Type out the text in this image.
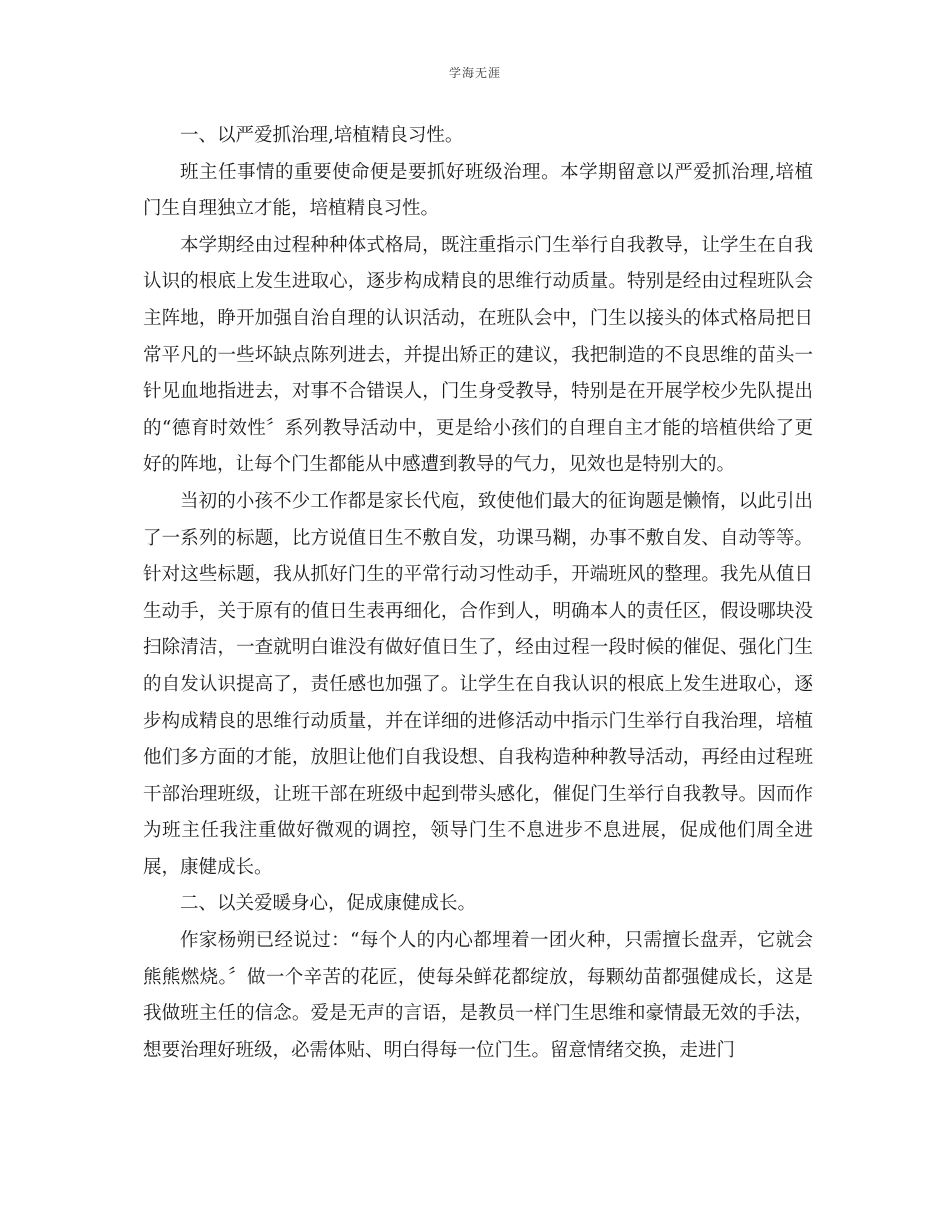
学海无涯

一、以严爱抓治理,培植精良习性。

班主任事情的重要使命便是要抓好班级治理。本学期留意以严爱抓治理,培植门生自理独立才能，培植精良习性。

本学期经由过程种种体式格局，既注重指示门生举行自我教导，让学生在自我认识的根底上发生进取心，逐步构成精良的思维行动质量。特别是经由过程班队会主阵地，睁开加强自治自理的认识活动，在班队会中，门生以接头的体式格局把日常平凡的一些坏缺点陈列进去，并提出矫正的建议，我把制造的不良思维的苗头一针见血地指进去，对事不合错误人，门生身受教导，特别是在开展学校少先队提出的“德育时效性〞系列教导活动中，更是给小孩们的自理自主才能的培植供给了更好的阵地，让每个门生都能从中感遭到教导的气力，见效也是特别大的。

当初的小孩不少工作都是家长代庖，致使他们最大的征询题是懒惰，以此引出了一系列的标题，比方说值日生不敷自发，功课马糊，办事不敷自发、自动等等。针对这些标题，我从抓好门生的平常行动习性动手，开端班风的整理。我先从值日生动手，关于原有的值日生表再细化，合作到人，明确本人的责任区，假设哪块没扫除清洁，一查就明白谁没有做好值日生了，经由过程一段时候的催促、强化门生的自发认识提高了，责任感也加强了。让学生在自我认识的根底上发生进取心，逐步构成精良的思维行动质量，并在详细的进修活动中指示门生举行自我治理，培植他们多方面的才能，放胆让他们自我设想、自我构造种种教导活动，再经由过程班干部治理班级，让班干部在班级中起到带头感化，催促门生举行自我教导。因而作为班主任我注重做好微观的调控，领导门生不息进步不息进展，促成他们周全进展，康健成长。

二、以关爱暖身心，促成康健成长。

作家杨朔已经说过：“每个人的内心都埋着一团火种，只需擅长盘弄，它就会熊熊燃烧。〞做一个辛苦的花匠，使每朵鲜花都绽放，每颗幼苗都强健成长，这是我做班主任的信念。爱是无声的言语，是教员一样门生思维和豪情最无效的手法，想要治理好班级，必需体贴、明白得每一位门生。留意情绪交换，走进门
